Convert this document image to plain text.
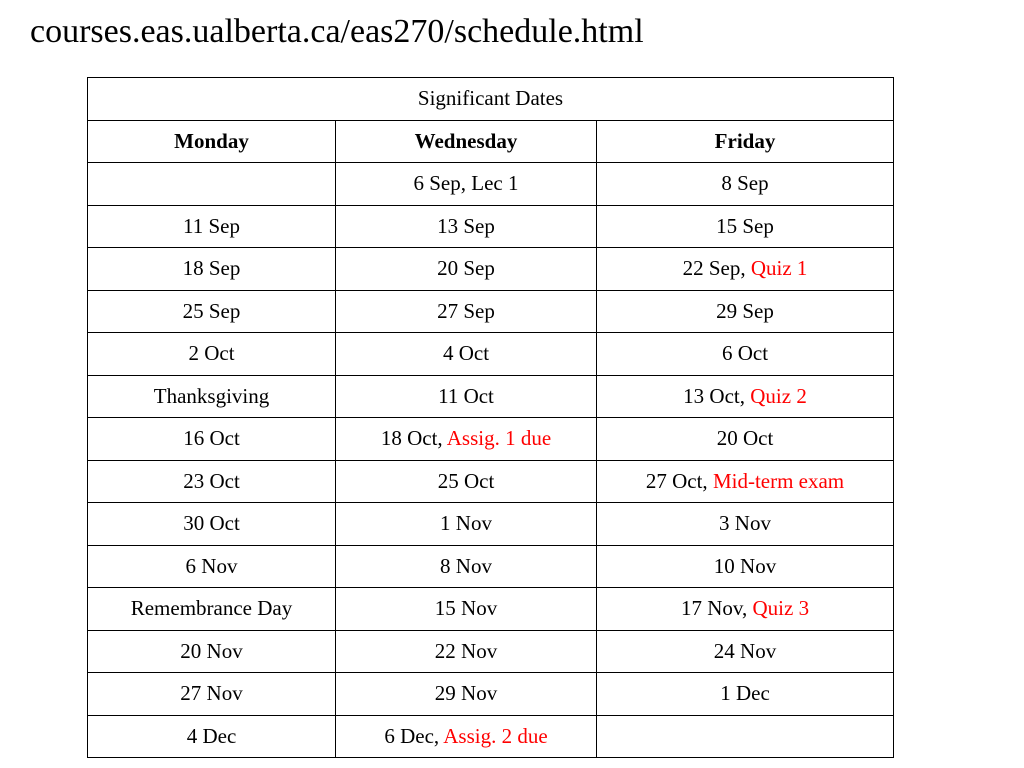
courses.eas.ualberta.ca/eas270/schedule.html
Significant Dates		
Monday	Wednesday	Friday
	6 Sep, Lec 1	8 Sep
11 Sep	13 Sep	15 Sep
18 Sep	20 Sep	22 Sep, Quiz 1
25 Sep	27 Sep	29 Sep
2 Oct	4 Oct	6 Oct
Thanksgiving	11 Oct	13 Oct, Quiz 2
16 Oct	18 Oct, Assig. 1 due	20 Oct
23 Oct	25 Oct	27 Oct, Mid-term exam
30 Oct	1 Nov	3 Nov
6 Nov	8 Nov	10 Nov
Remembrance Day	15 Nov	17 Nov, Quiz 3
20 Nov	22 Nov	24 Nov
27 Nov	29 Nov	1 Dec
4 Dec	6 Dec, Assig. 2 due	
